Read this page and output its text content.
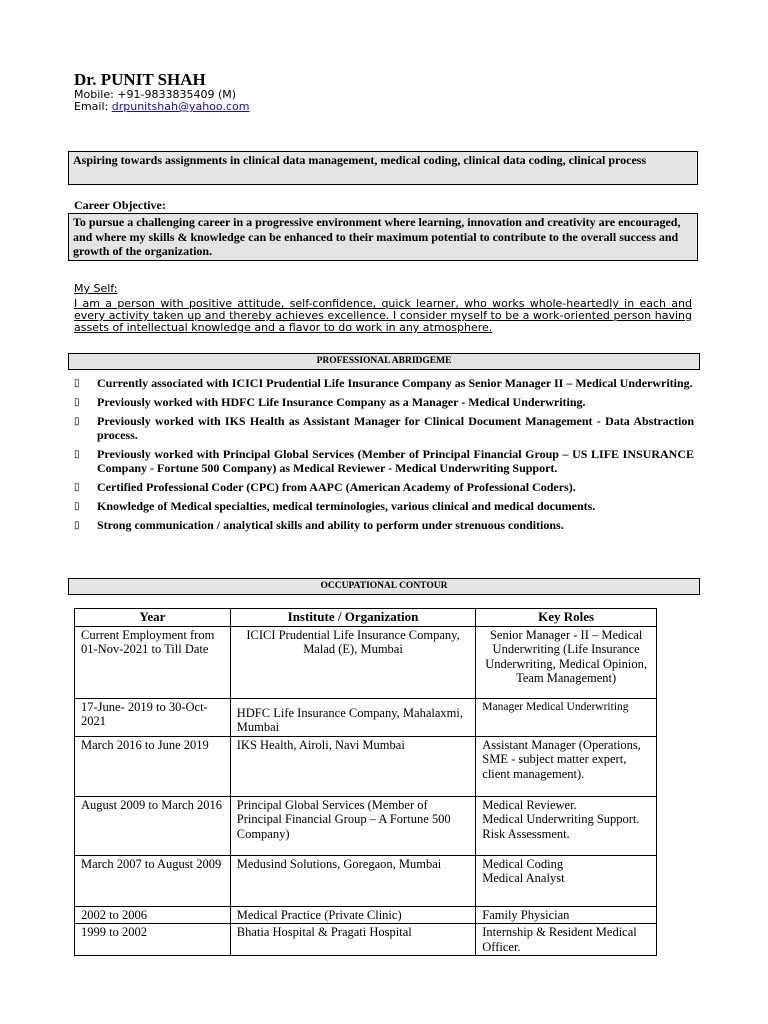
Dr. PUNIT SHAH
Mobile: +91-9833835409 (M)
Email: drpunitshah@yahoo.com
Aspiring towards assignments in clinical data management, medical coding, clinical data coding, clinical process
Career Objective:
To pursue a challenging career in a progressive environment where learning, innovation and creativity are encouraged, and where my skills & knowledge can be enhanced to their maximum potential to contribute to the overall success and growth of the organization.
My Self:
I am a person with positive attitude, self-confidence, quick learner, who works whole-heartedly in each and every activity taken up and thereby achieves excellence. I consider myself to be a work-oriented person having assets of intellectual knowledge and a flavor to do work in any atmosphere.
PROFESSIONAL ABRIDGEME
▯ Currently associated with ICICI Prudential Life Insurance Company as Senior Manager II – Medical Underwriting.
▯ Previously worked with HDFC Life Insurance Company as a Manager - Medical Underwriting.
▯ Previously worked with IKS Health as Assistant Manager for Clinical Document Management - Data Abstraction process.
▯ Previously worked with Principal Global Services (Member of Principal Financial Group – US LIFE INSURANCE Company - Fortune 500 Company) as Medical Reviewer - Medical Underwriting Support.
▯ Certified Professional Coder (CPC) from AAPC (American Academy of Professional Coders).
▯ Knowledge of Medical specialties, medical terminologies, various clinical and medical documents.
▯ Strong communication / analytical skills and ability to perform under strenuous conditions.
OCCUPATIONAL CONTOUR
Year	Institute / Organization	Key Roles
Current Employment from 01-Nov-2021 to Till Date	ICICI Prudential Life Insurance Company, Malad (E), Mumbai	Senior Manager - II – Medical Underwriting (Life Insurance Underwriting, Medical Opinion, Team Management)
17-June- 2019 to 30-Oct-2021	HDFC Life Insurance Company, Mahalaxmi, Mumbai	Manager Medical Underwriting
March 2016 to June 2019	IKS Health, Airoli, Navi Mumbai	Assistant Manager (Operations, SME - subject matter expert, client management).
August 2009 to March 2016	Principal Global Services (Member of Principal Financial Group – A Fortune 500 Company)	Medical Reviewer.
Medical Underwriting Support.
Risk Assessment.
March 2007 to August 2009	Medusind Solutions, Goregaon, Mumbai	Medical Coding
Medical Analyst
2002 to 2006	Medical Practice (Private Clinic)	Family Physician
1999 to 2002	Bhatia Hospital & Pragati Hospital	Internship & Resident Medical Officer.
